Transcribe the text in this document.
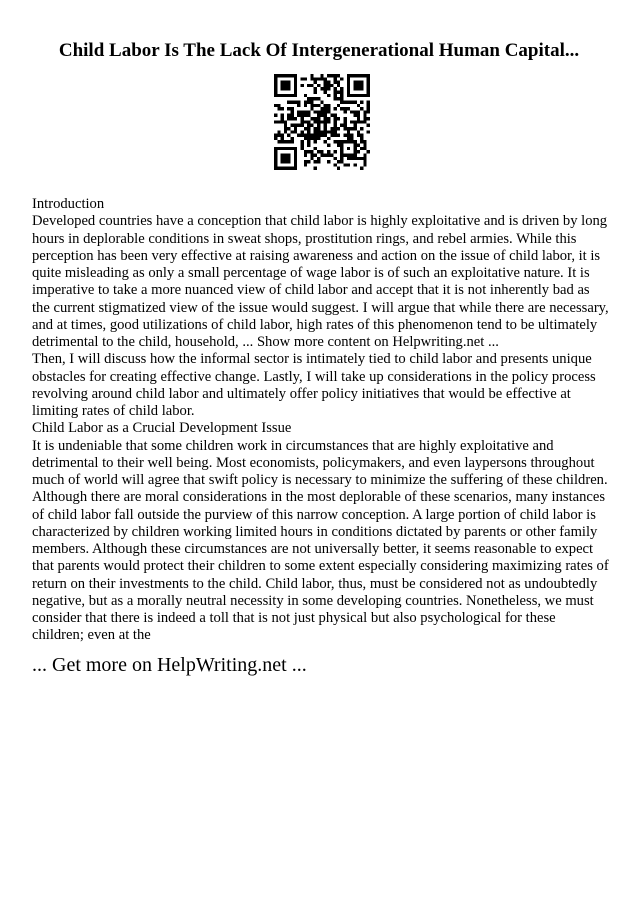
Child Labor Is The Lack Of Intergenerational Human Capital...

Introduction

Developed countries have a conception that child labor is highly exploitative and is driven by long hours in deplorable conditions in sweat shops, prostitution rings, and rebel armies. While this perception has been very effective at raising awareness and action on the issue of child labor, it is quite misleading as only a small percentage of wage labor is of such an exploitative nature. It is imperative to take a more nuanced view of child labor and accept that it is not inherently bad as the current stigmatized view of the issue would suggest. I will argue that while there are necessary, and at times, good utilizations of child labor, high rates of this phenomenon tend to be ultimately detrimental to the child, household, ... Show more content on Helpwriting.net ...

Then, I will discuss how the informal sector is intimately tied to child labor and presents unique obstacles for creating effective change. Lastly, I will take up considerations in the policy process revolving around child labor and ultimately offer policy initiatives that would be effective at limiting rates of child labor.

Child Labor as a Crucial Development Issue

It is undeniable that some children work in circumstances that are highly exploitative and detrimental to their well being. Most economists, policymakers, and even laypersons throughout much of world will agree that swift policy is necessary to minimize the suffering of these children. Although there are moral considerations in the most deplorable of these scenarios, many instances of child labor fall outside the purview of this narrow conception. A large portion of child labor is characterized by children working limited hours in conditions dictated by parents or other family members. Although these circumstances are not universally better, it seems reasonable to expect that parents would protect their children to some extent especially considering maximizing rates of return on their investments to the child. Child labor, thus, must be considered not as undoubtedly negative, but as a morally neutral necessity in some developing countries. Nonetheless, we must consider that there is indeed a toll that is not just physical but also psychological for these children; even at the

... Get more on HelpWriting.net ...
